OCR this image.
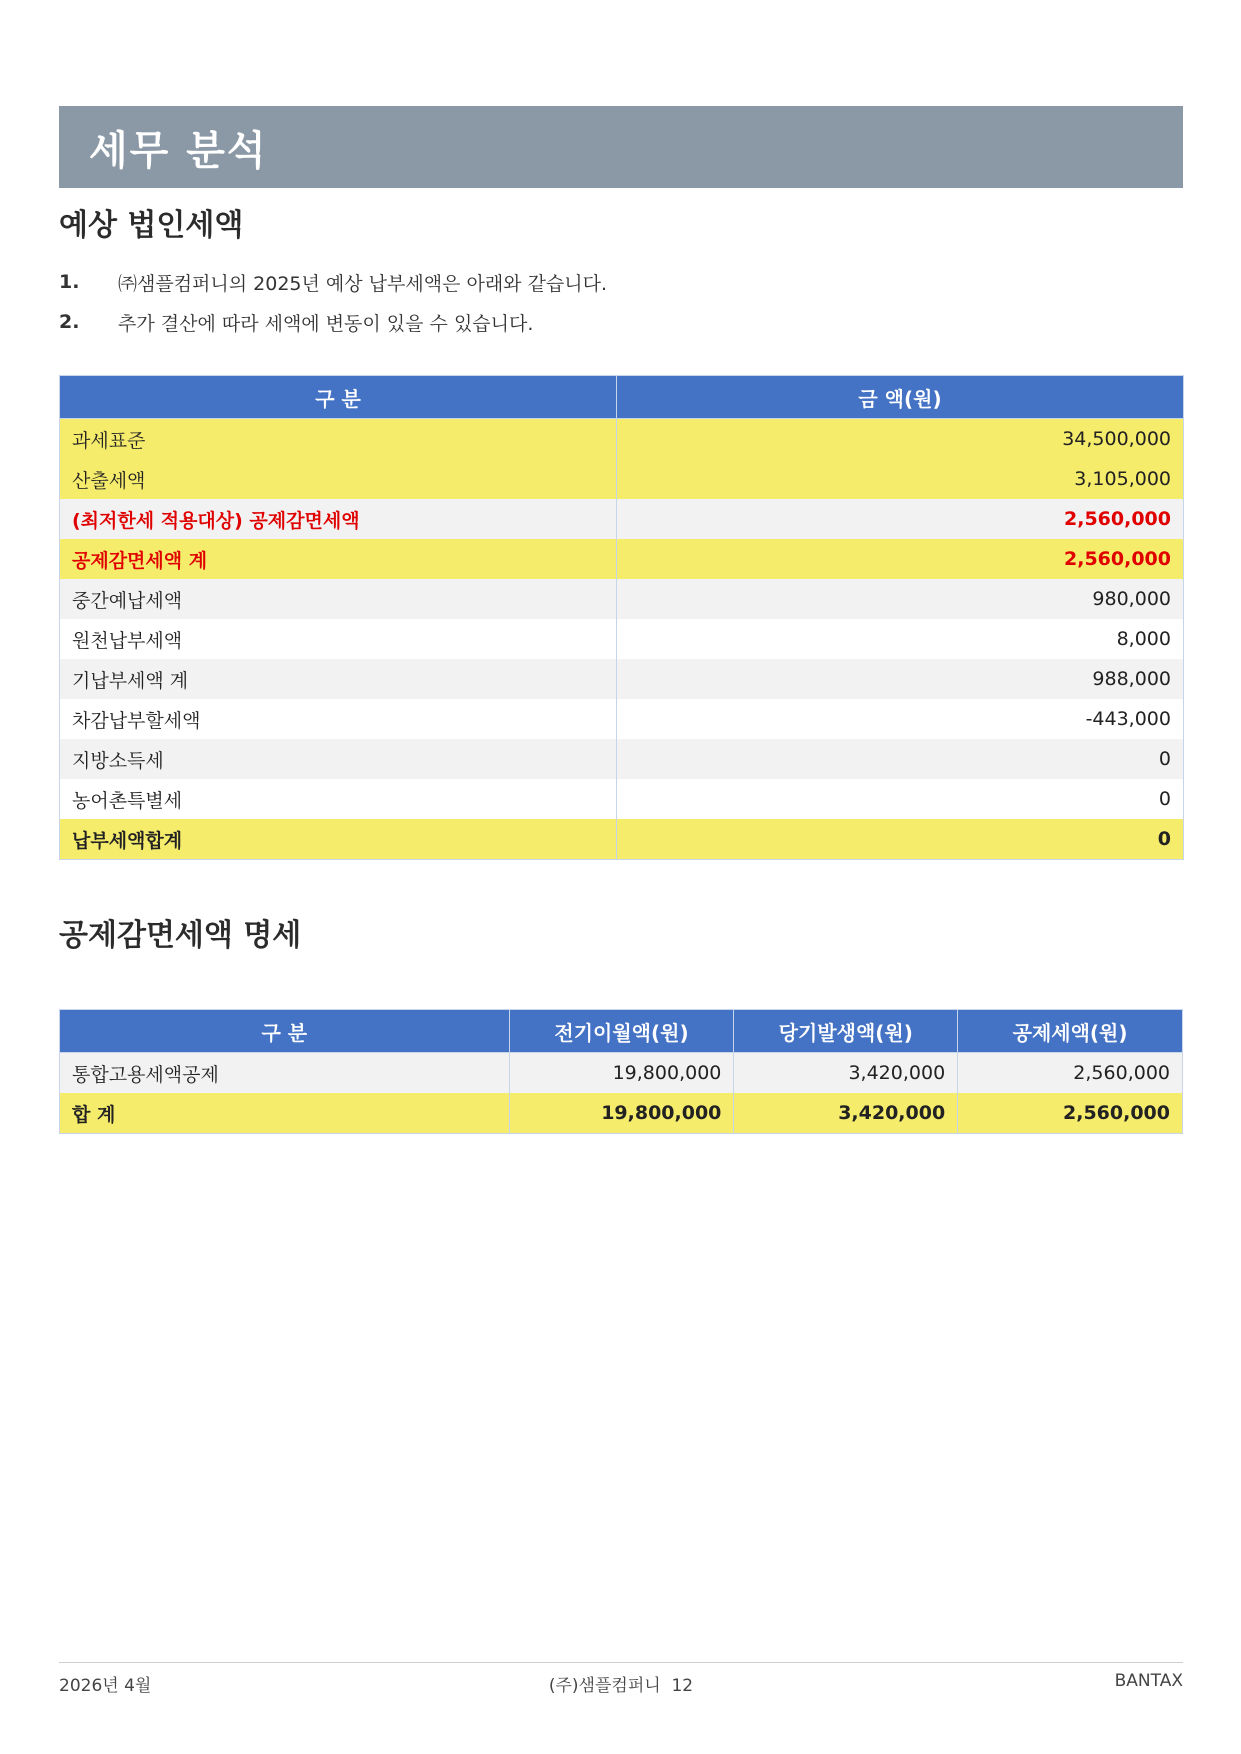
세무 분석
예상 법인세액
1.	㈜샘플컴퍼니의 2025년 예상 납부세액은 아래와 같습니다.
2.	추가 결산에 따라 세액에 변동이 있을 수 있습니다.
구 분	금 액(원)
과세표준	34,500,000
산출세액	3,105,000
(최저한세 적용대상) 공제감면세액	2,560,000
공제감면세액 계	2,560,000
중간예납세액	980,000
원천납부세액	8,000
기납부세액 계	988,000
차감납부할세액	-443,000
지방소득세	0
농어촌특별세	0
납부세액합계	0
공제감면세액 명세
구 분	전기이월액(원)	당기발생액(원)	공제세액(원)
통합고용세액공제	19,800,000	3,420,000	2,560,000
합 계	19,800,000	3,420,000	2,560,000
2026년 4월	(주)샘플컴퍼니  12	BANTAX
